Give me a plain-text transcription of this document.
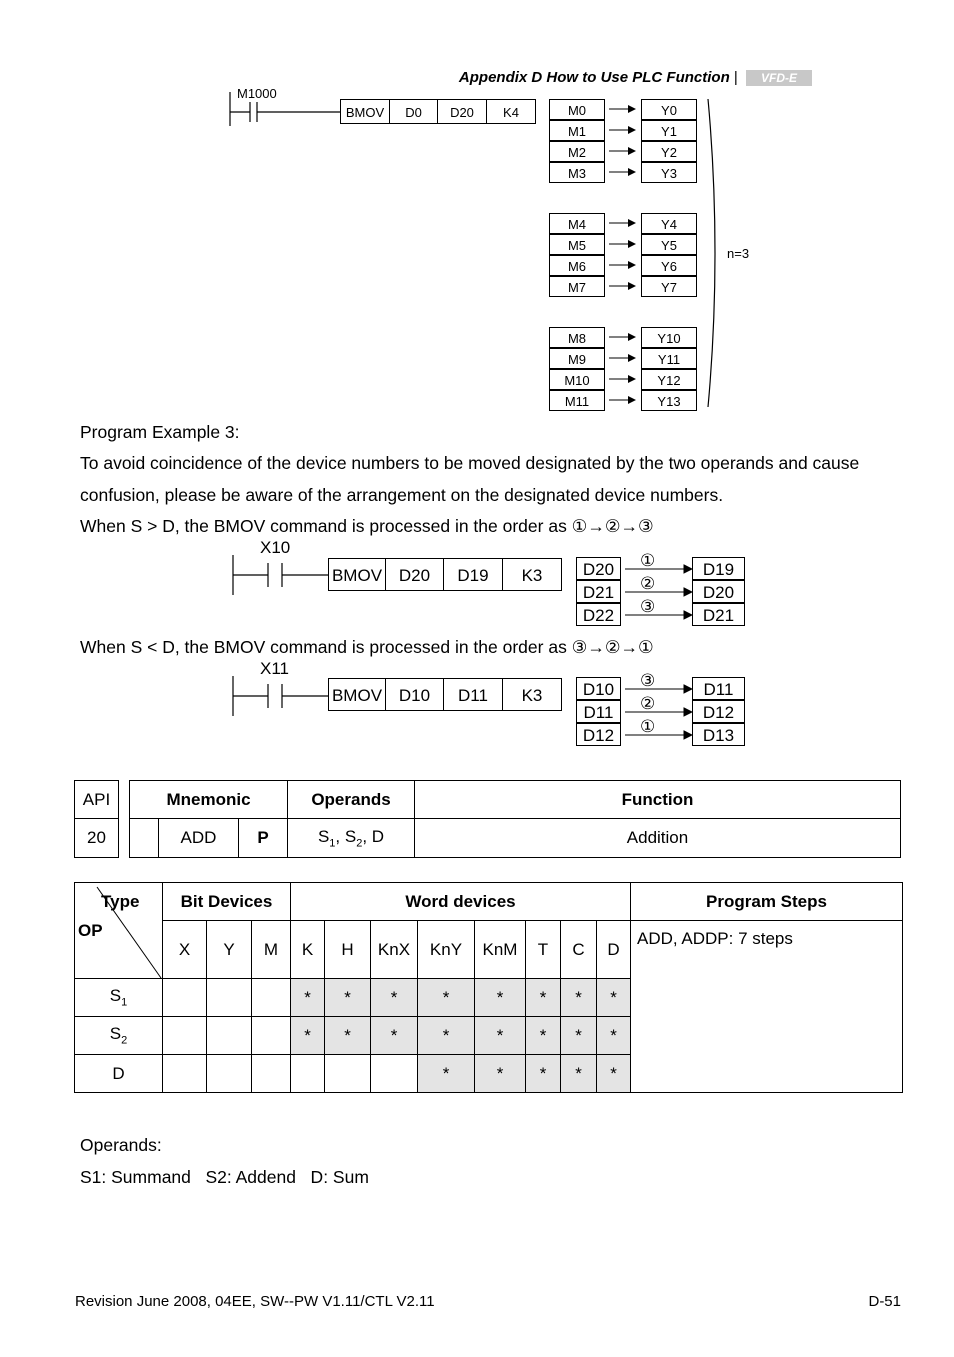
Appendix D How to Use PLC Function | VFD-E
M1000
BMOV	D0	D20	K4	M0
M1
M2
M3
Y0
Y1
Y2
Y3
M4
M5
M6
M7
Y4
Y5
Y6
Y7
M8
M9
M10
M11
Y10
Y11
Y12
Y13
n=3
Program Example 3:
To avoid coincidence of the device numbers to be moved designated by the two operands and cause
confusion, please be aware of the arrangement on the designated device numbers.
When S > D, the BMOV command is processed in the order as ①→②→③
X10
BMOV D20	D19	K3	D20
D21
D22
D19
D20
D21
①
②
③
When S < D, the BMOV command is processed in the order as ③→②→①
X11
BMOV D10	D11	K3	D10
D11
D12
D11
D12
D13
③
②
①
API		Mnemonic		Operands	Function
20		ADD	P	$S_1$, $S_2$, D	Addition
Type
OP	Bit Devices			Word devices								Program Steps
	X	Y	M	K	H	KnX	KnY	KnM	T	C	D	ADD, ADDP: 7 steps
$S_1$				*	*	*	*	*	*	*	*	
$S_2$				*	*	*	*	*	*	*	*	
D							*	*	*	*	*	
Operands:
S1: Summand   S2: Addend   D: Sum
Revision June 2008, 04EE, SW--PW V1.11/CTL V2.11	D-51
